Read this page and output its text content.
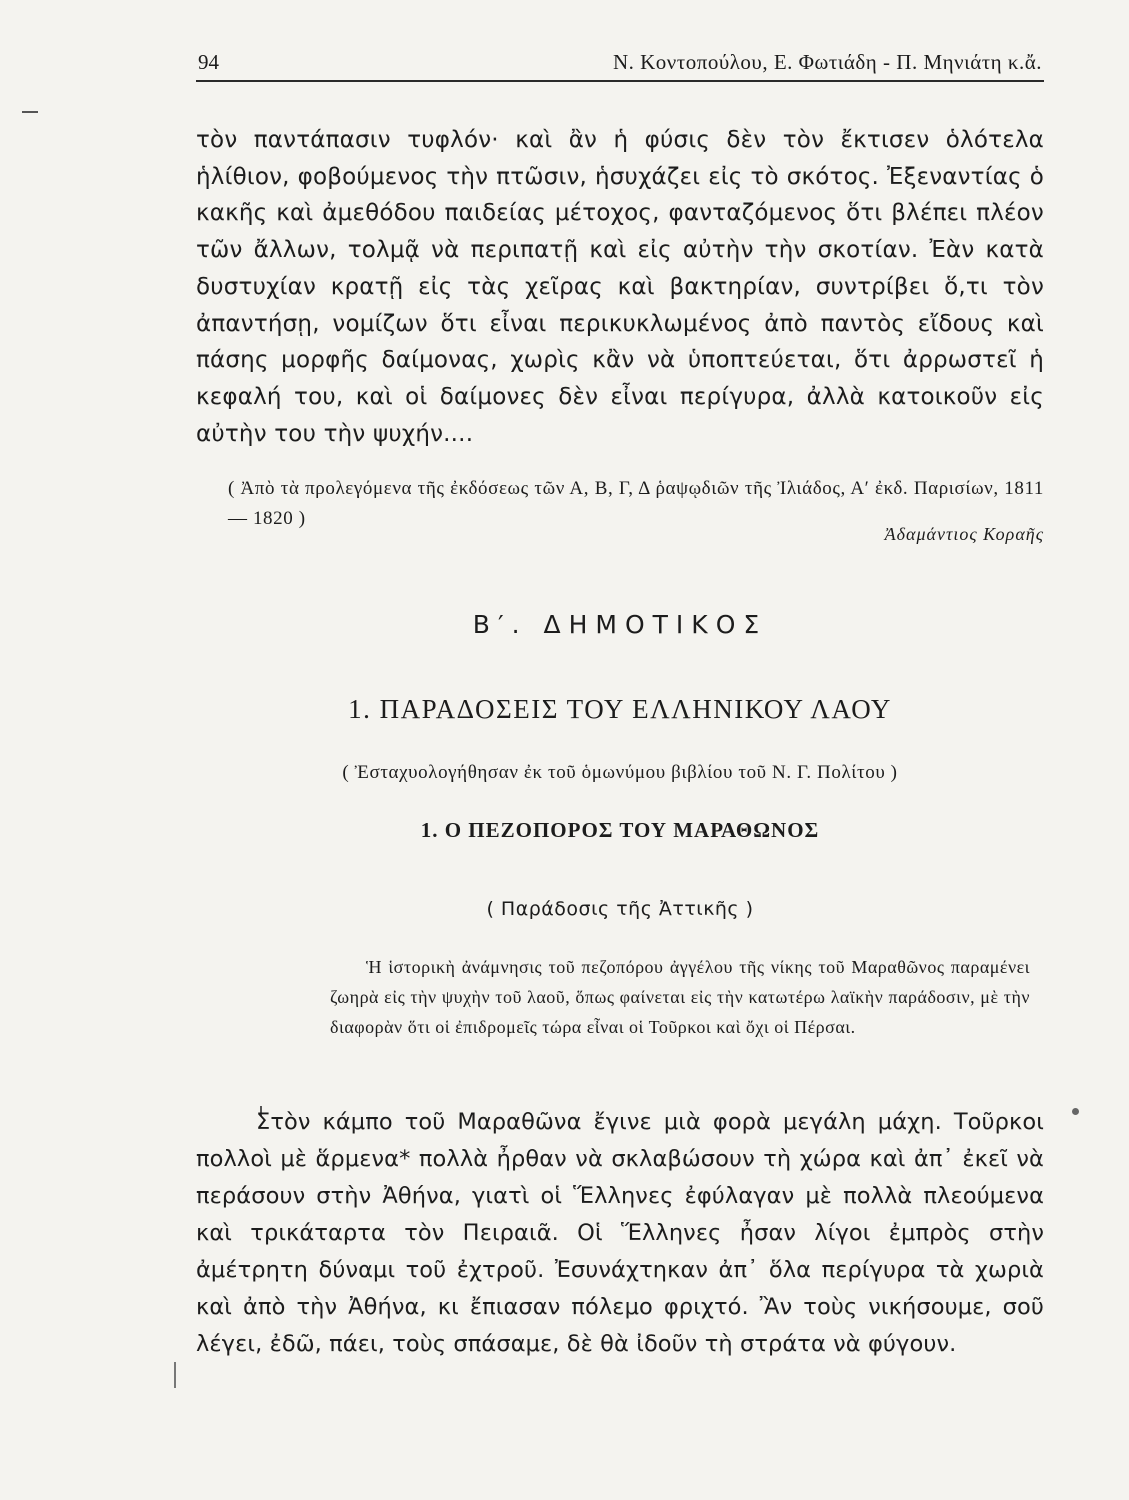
94	Ν. Κοντοπούλου, Ε. Φωτιάδη - Π. Μηνιάτη κ.ἄ.

τὸν παντάπασιν τυφλόν· καὶ ἂν ἡ φύσις δὲν τὸν ἔκτισεν ὁλότελα ἡλίθιον, φοβούμενος τὴν πτῶσιν, ἡσυχάζει εἰς τὸ σκότος. Ἐξεναντίας ὁ κακῆς καὶ ἀμεθόδου παιδείας μέτοχος, φανταζόμενος ὅτι βλέπει πλέον τῶν ἄλλων, τολμᾷ νὰ περιπατῇ καὶ εἰς αὐτὴν τὴν σκοτίαν. Ἐὰν κατὰ δυστυχίαν κρατῇ εἰς τὰς χεῖρας καὶ βακτηρίαν, συντρίβει ὅ,τι τὸν ἀπαντήσῃ, νομίζων ὅτι εἶναι περικυκλωμένος ἀπὸ παντὸς εἴδους καὶ πάσης μορφῆς δαίμονας, χωρὶς κἂν νὰ ὑποπτεύεται, ὅτι ἀρρωστεῖ ἡ κεφαλή του, καὶ οἱ δαίμονες δὲν εἶναι περίγυρα, ἀλλὰ κατοικοῦν εἰς αὐτὴν του τὴν ψυχήν....

( Ἀπὸ τὰ προλεγόμενα τῆς ἐκδόσεως τῶν Α, Β, Γ, Δ ῥαψῳδιῶν τῆς Ἰλιάδος, Α′ ἐκδ. Παρισίων, 1811 — 1820 )
Ἀδαμάντιος Κοραῆς
Β′. ΔΗΜΟΤΙΚΟΣ
1. ΠΑΡΑΔΟΣΕΙΣ ΤΟΥ ΕΛΛΗΝΙΚΟΥ ΛΑΟΥ
( Ἐσταχυολογήθησαν ἐκ τοῦ ὁμωνύμου βιβλίου τοῦ Ν. Γ. Πολίτου )
1. Ο ΠΕΖΟΠΟΡΟΣ ΤΟΥ ΜΑΡΑΘΩΝΟΣ
( Παράδοσις τῆς Ἀττικῆς )

Ἡ ἱστορικὴ ἀνάμνησις τοῦ πεζοπόρου ἀγγέλου τῆς νίκης τοῦ Μαραθῶνος παραμένει ζωηρὰ εἰς τὴν ψυχὴν τοῦ λαοῦ, ὅπως φαίνεται εἰς τὴν κατωτέρω λαϊκὴν παράδοσιν, μὲ τὴν διαφορὰν ὅτι οἱ ἐπιδρομεῖς τώρα εἶναι οἱ Τοῦρκοι καὶ ὄχι οἱ Πέρσαι.

Στὸν κάμπο τοῦ Μαραθῶνα ἔγινε μιὰ φορὰ μεγάλη μάχη. Τοῦρκοι πολλοὶ μὲ ἅρμενα* πολλὰ ἦρθαν νὰ σκλαβώσουν τὴ χώρα καὶ ἀπ᾽ ἐκεῖ νὰ περάσουν στὴν Ἀθήνα, γιατὶ οἱ Ἕλληνες ἐφύλαγαν μὲ πολλὰ πλεούμενα καὶ τρικάταρτα τὸν Πειραιᾶ. Οἱ Ἕλληνες ἦσαν λίγοι ἐμπρὸς στὴν ἀμέτρητη δύναμι τοῦ ἐχτροῦ. Ἐσυνάχτηκαν ἀπ᾽ ὅλα περίγυρα τὰ χωριὰ καὶ ἀπὸ τὴν Ἀθήνα, κι ἔπιασαν πόλεμο φριχτό. Ἂν τοὺς νικήσουμε, σοῦ λέγει, ἐδῶ, πάει, τοὺς σπάσαμε, δὲ θὰ ἰδοῦν τὴ στράτα νὰ φύγουν.
